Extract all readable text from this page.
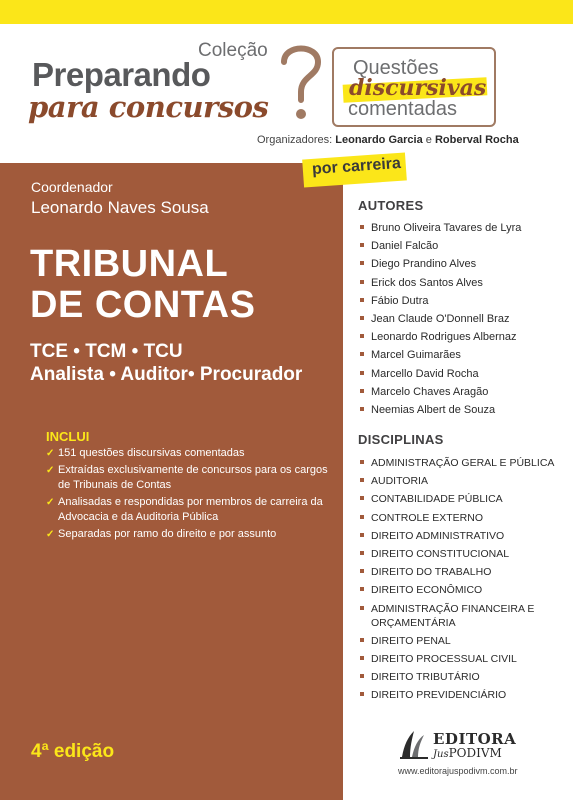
Coleção
Preparando
para concursos
Questões
discursivas
comentadas
Organizadores: Leonardo Garcia e Roberval Rocha
por carreira
Coordenador
Leonardo Naves Sousa
TRIBUNAL
DE CONTAS
TCE • TCM • TCU
Analista • Auditor• Procurador
INCLUI
✓ 151 questões discursivas comentadas
✓ Extraídas exclusivamente de concursos para os cargos de Tribunais de Contas
✓ Analisadas e respondidas por membros de carreira da Advocacia e da Auditoria Pública
✓ Separadas por ramo do direito e por assunto
4ª edição
AUTORES
Bruno Oliveira Tavares de Lyra
Daniel Falcão
Diego Prandino Alves
Erick dos Santos Alves
Fábio Dutra
Jean Claude O'Donnell Braz
Leonardo Rodrigues Albernaz
Marcel Guimarães
Marcello David Rocha
Marcelo Chaves Aragão
Neemias Albert de Souza
DISCIPLINAS
ADMINISTRAÇÃO GERAL E PÚBLICA
AUDITORIA
CONTABILIDADE PÚBLICA
CONTROLE EXTERNO
DIREITO ADMINISTRATIVO
DIREITO CONSTITUCIONAL
DIREITO DO TRABALHO
DIREITO ECONÔMICO
ADMINISTRAÇÃO FINANCEIRA E ORÇAMENTÁRIA
DIREITO PENAL
DIREITO PROCESSUAL CIVIL
DIREITO TRIBUTÁRIO
DIREITO PREVIDENCIÁRIO
EDITORA
JusPODIVM
www.editorajuspodivm.com.br
